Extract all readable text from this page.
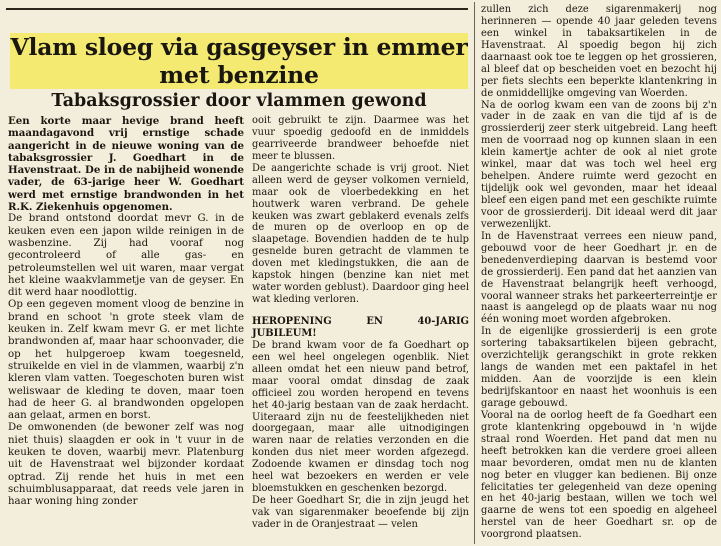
Vlam sloeg via gasgeyser in emmer
met benzine
Tabaksgrossier door vlammen gewond

Een korte maar hevige brand heeft maandagavond vrij ernstige schade aangericht in de nieuwe woning van de tabaksgrossier J. Goedhart in de Havenstraat. De in de nabijheid wonende vader, de 63-jarige heer W. Goedhart werd met ernstige brandwonden in het R.K. Ziekenhuis opgenomen.

De brand ontstond doordat mevr G. in de keuken even een japon wilde reinigen in de wasbenzine. Zij had vooraf nog gecontroleerd of alle gas- en petroleumstellen wel uit waren, maar vergat het kleine waakvlammetje van de geyser. En dit werd haar noodlottig.

Op een gegeven moment vloog de benzine in brand en schoot 'n grote steek vlam de keuken in. Zelf kwam mevr G. er met lichte brandwonden af, maar haar schoonvader, die op het hulpgeroep kwam toegesneld, struikelde en viel in de vlammen, waarbij z'n kleren vlam vatten. Toegeschoten buren wist weliswaar de kleding te doven, maar toen had de heer G. al brandwonden opgelopen aan gelaat, armen en borst.

De omwonenden (de bewoner zelf was nog niet thuis) slaagden er ook in 't vuur in de keuken te doven, waarbij mevr. Platenburg uit de Havenstraat wel bijzonder kordaat optrad. Zij rende het huis in met een schuimblusapparaat, dat reeds vele jaren in haar woning hing zonder

ooit gebruikt te zijn. Daarmee was het vuur spoedig gedoofd en de inmiddels gearriveerde brandweer behoefde niet meer te blussen.

De aangerichte schade is vrij groot. Niet alleen werd de geyser volkomen vernield, maar ook de vloerbedekking en het houtwerk waren verbrand. De gehele keuken was zwart geblakerd evenals zelfs de muren op de overloop en op de slaapetage. Bovendien hadden de te hulp gesnelde buren getracht de vlammen te doven met kledingstukken, die aan de kapstok hingen (benzine kan niet met water worden geblust). Daardoor ging heel wat kleding verloren.

HEROPENING EN 40-JARIG JUBILEUM!

De brand kwam voor de fa Goedhart op een wel heel ongelegen ogenblik. Niet alleen omdat het een nieuw pand betrof, maar vooral omdat dinsdag de zaak officieel zou worden heropend en tevens het 40-jarig bestaan van de zaak herdacht. Uiteraard zijn nu de feestelijkheden niet doorgegaan, maar alle uitnodigingen waren naar de relaties verzonden en die konden dus niet meer worden afgezegd. Zodoende kwamen er dinsdag toch nog heel wat bezoekers en werden er vele bloemstukken en geschenken bezorgd.

De heer Goedhart Sr, die in zijn jeugd het vak van sigarenmaker beoefende bij zijn vader in de Oranjestraat — velen

zullen zich deze sigarenmakerij nog herinneren — opende 40 jaar geleden tevens een winkel in tabaksartikelen in de Havenstraat. Al spoedig begon hij zich daarnaast ook toe te leggen op het grossieren, al bleef dat op bescheiden voet en bezocht hij per fiets slechts een beperkte klantenkring in de onmiddellijke omgeving van Woerden.

Na de oorlog kwam een van de zoons bij z'n vader in de zaak en van die tijd af is de grossierderij zeer sterk uitgebreid. Lang heeft men de voorraad nog op kunnen slaan in een klein kamertje achter de ook al niet grote winkel, maar dat was toch wel heel erg behelpen. Andere ruimte werd gezocht en tijdelijk ook wel gevonden, maar het ideaal bleef een eigen pand met een geschikte ruimte voor de grossierderij. Dit ideaal werd dit jaar verwezenlijkt.

In de Havenstraat verrees een nieuw pand, gebouwd voor de heer Goedhart jr. en de benedenverdieping daarvan is bestemd voor de grossierderij. Een pand dat het aanzien van de Havenstraat belangrijk heeft verhoogd, vooral wanneer straks het parkeerterreintje er naast is aangelegd op de plaats waar nu nog één woning moet worden afgebroken.

In de eigenlijke grossierderij is een grote sortering tabaksartikelen bijeen gebracht, overzichtelijk gerangschikt in grote rekken langs de wanden met een paktafel in het midden. Aan de voorzijde is een klein bedrijfskantoor en naast het woonhuis is een garage gebouwd.

Vooral na de oorlog heeft de fa Goedhart een grote klantenkring opgebouwd in 'n wijde straal rond Woerden. Het pand dat men nu heeft betrokken kan die verdere groei alleen maar bevorderen, omdat men nu de klanten nog beter en vlugger kan bedienen. Bij onze felicitaties ter gelegenheid van deze opening en het 40-jarig bestaan, willen we toch wel gaarne de wens tot een spoedig en algeheel herstel van de heer Goedhart sr. op de voorgrond plaatsen.
